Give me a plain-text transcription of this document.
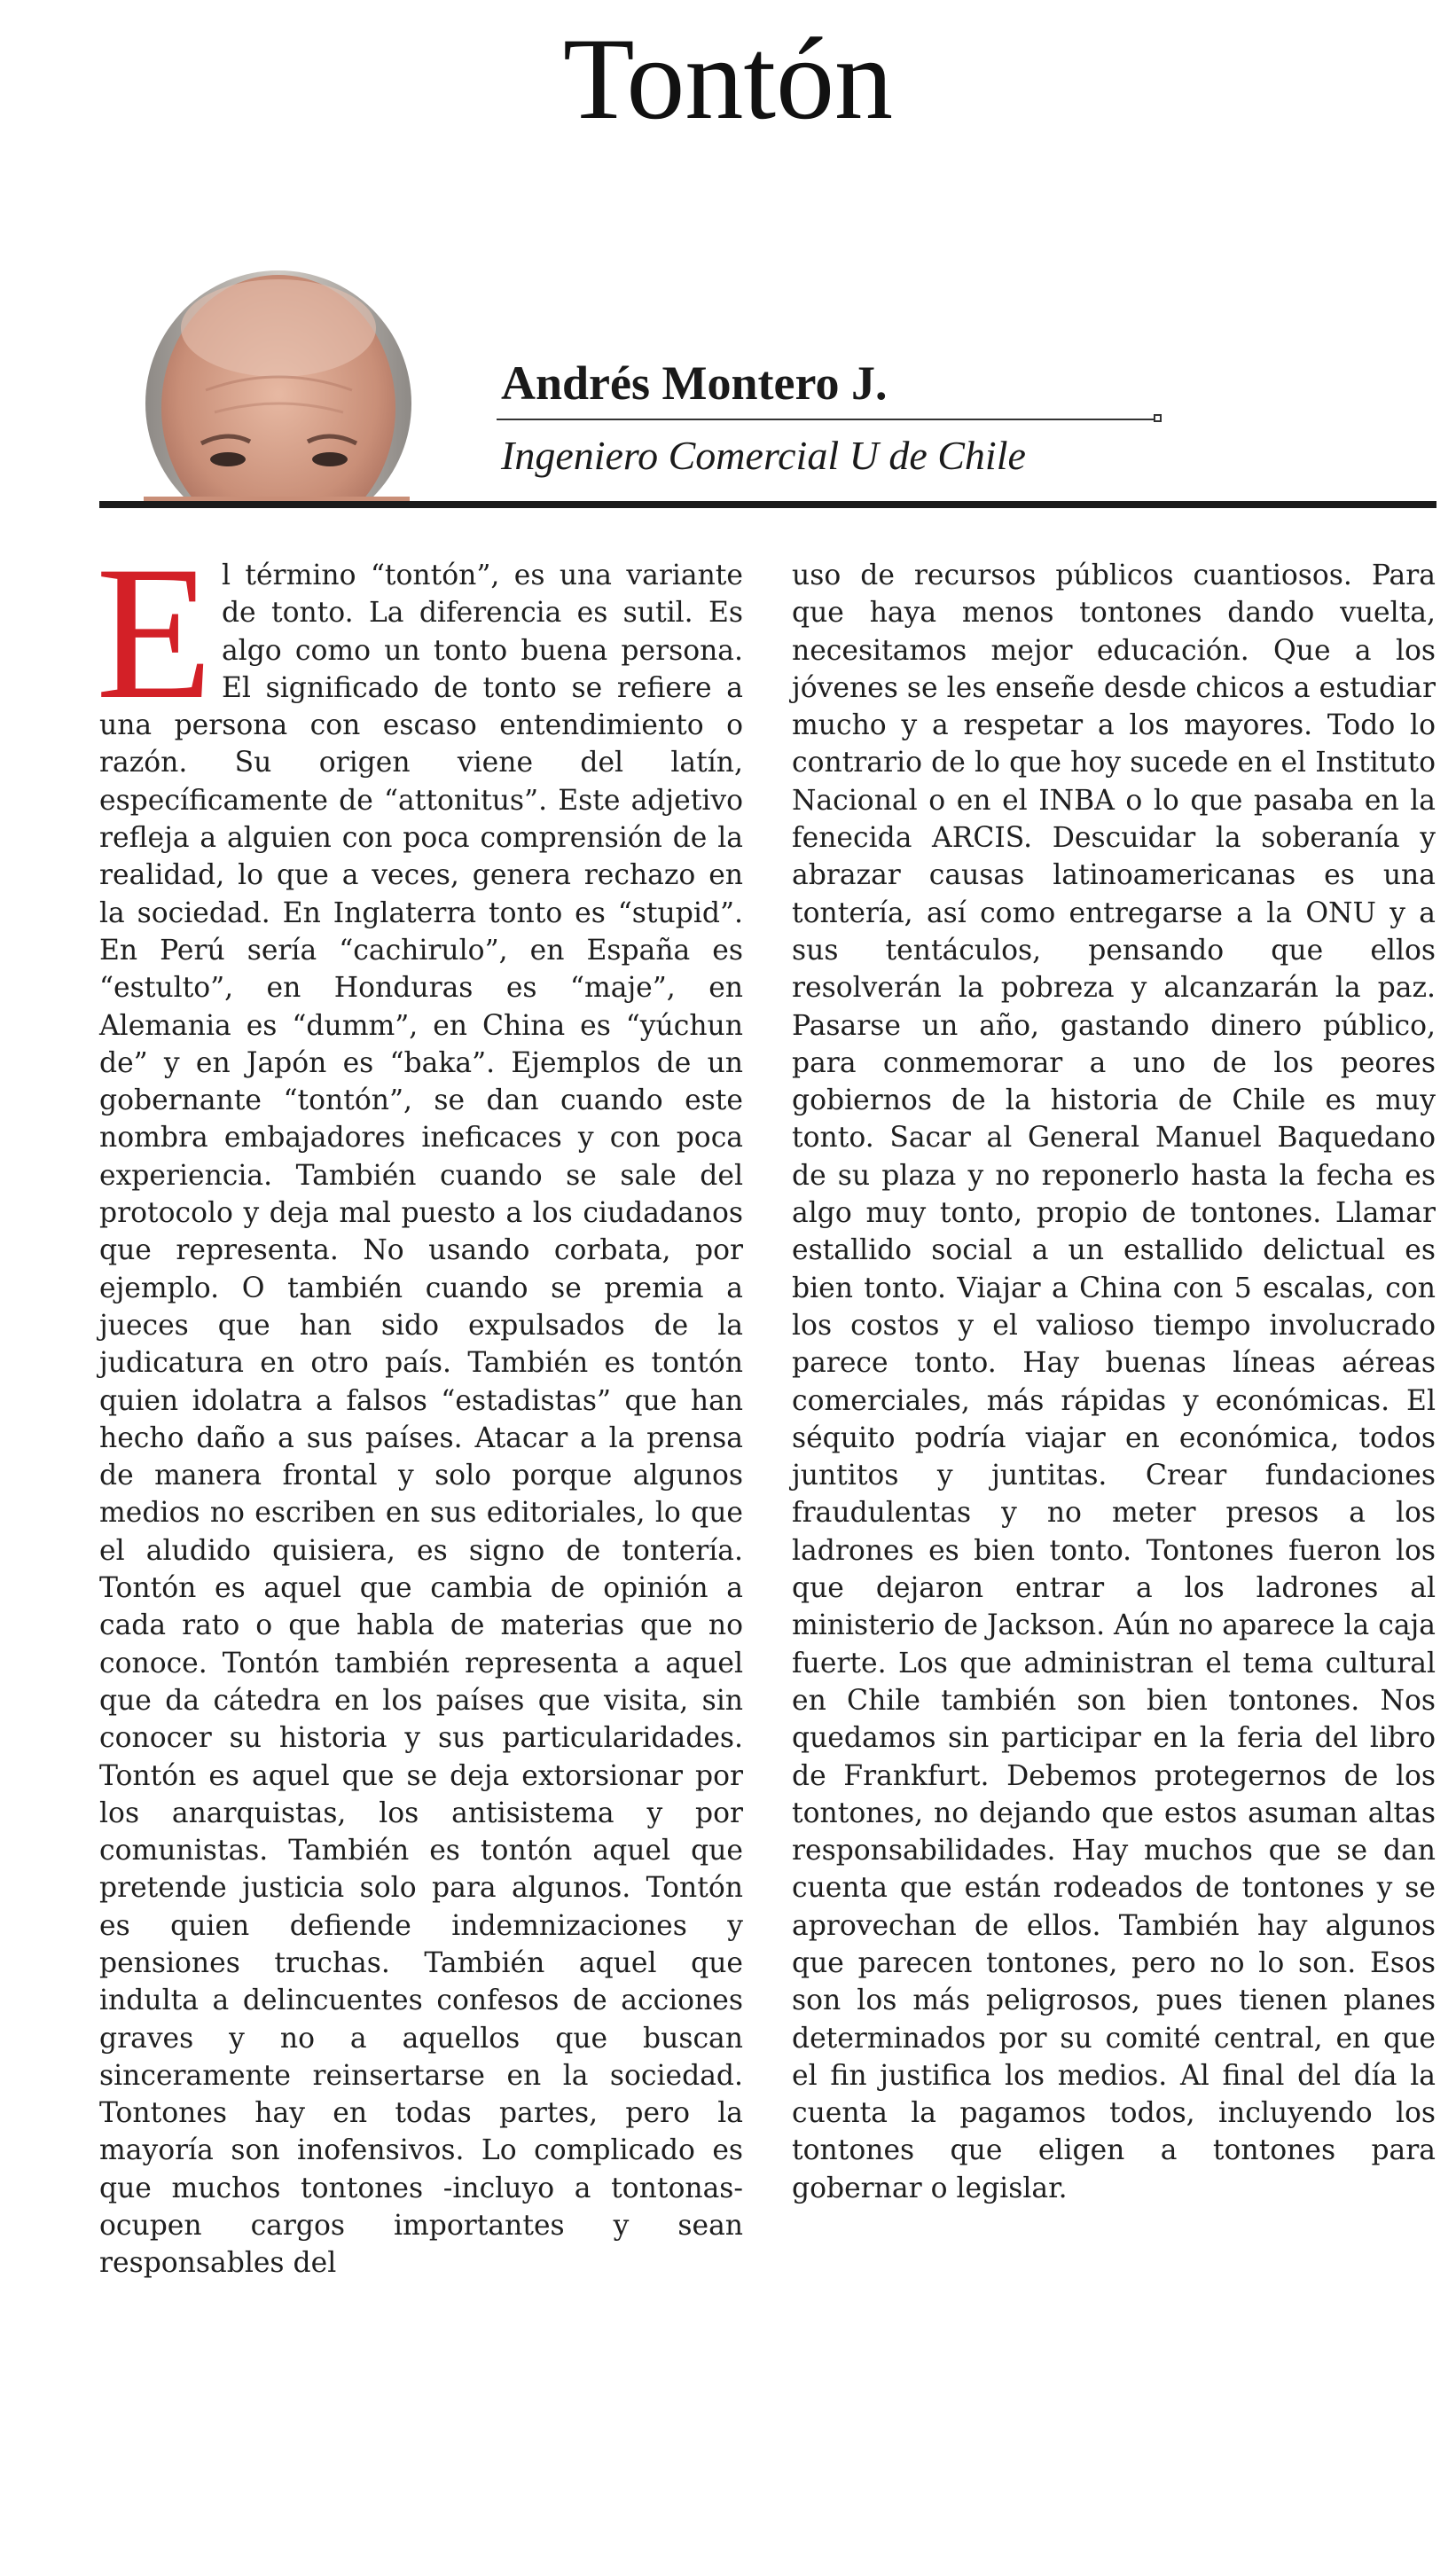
Tontón
Andrés Montero J.
Ingeniero Comercial U de Chile
El término “tontón”, es una variante de tonto. La diferencia es sutil. Es algo como un tonto buena persona. El significado de tonto se refiere a una persona con escaso entendimiento o razón. Su origen viene del latín, específicamente de “attonitus”. Este adjetivo refleja a alguien con poca comprensión de la realidad, lo que a veces, genera rechazo en la sociedad. En Inglaterra tonto es “stupid”. En Perú sería “cachirulo”, en España es “estulto”, en Honduras es “maje”, en Alemania es “dumm”, en China es “yúchun de” y en Japón es “baka”. Ejemplos de un gobernante “tontón”, se dan cuando este nombra embajadores ineficaces y con poca experiencia. También cuando se sale del protocolo y deja mal puesto a los ciudadanos que representa. No usando corbata, por ejemplo. O también cuando se premia a jueces que han sido expulsados de la judicatura en otro país. También es tontón quien idolatra a falsos “estadistas” que han hecho daño a sus países. Atacar a la prensa de manera frontal y solo porque algunos medios no escriben en sus editoriales, lo que el aludido quisiera, es signo de tontería. Tontón es aquel que cambia de opinión a cada rato o que habla de materias que no conoce. Tontón también representa a aquel que da cátedra en los países que visita, sin conocer su historia y sus particularidades. Tontón es aquel que se deja extorsionar por los anarquistas, los antisistema y por comunistas. También es tontón aquel que pretende justicia solo para algunos. Tontón es quien defiende indemnizaciones y pensiones truchas. También aquel que indulta a delincuentes confesos de acciones graves y no a aquellos que buscan sinceramente reinsertarse en la sociedad. Tontones hay en todas partes, pero la mayoría son inofensivos. Lo complicado es que muchos tontones -incluyo a tontonas- ocupen cargos importantes y sean responsables del
uso de recursos públicos cuantiosos. Para que haya menos tontones dando vuelta, necesitamos mejor educación. Que a los jóvenes se les enseñe desde chicos a estudiar mucho y a respetar a los mayores. Todo lo contrario de lo que hoy sucede en el Instituto Nacional o en el INBA o lo que pasaba en la fenecida ARCIS. Descuidar la soberanía y abrazar causas latinoamericanas es una tontería, así como entregarse a la ONU y a sus tentáculos, pensando que ellos resolverán la pobreza y alcanzarán la paz. Pasarse un año, gastando dinero público, para conmemorar a uno de los peores gobiernos de la historia de Chile es muy tonto. Sacar al General Manuel Baquedano de su plaza y no reponerlo hasta la fecha es algo muy tonto, propio de tontones. Llamar estallido social a un estallido delictual es bien tonto. Viajar a China con 5 escalas, con los costos y el valioso tiempo involucrado parece tonto. Hay buenas líneas aéreas comerciales, más rápidas y económicas. El séquito podría viajar en económica, todos juntitos y juntitas. Crear fundaciones fraudulentas y no meter presos a los ladrones es bien tonto. Tontones fueron los que dejaron entrar a los ladrones al ministerio de Jackson. Aún no aparece la caja fuerte. Los que administran el tema cultural en Chile también son bien tontones. Nos quedamos sin participar en la feria del libro de Frankfurt. Debemos protegernos de los tontones, no dejando que estos asuman altas responsabilidades. Hay muchos que se dan cuenta que están rodeados de tontones y se aprovechan de ellos. También hay algunos que parecen tontones, pero no lo son. Esos son los más peligrosos, pues tienen planes determinados por su comité central, en que el fin justifica los medios. Al final del día la cuenta la pagamos todos, incluyendo los tontones que eligen a tontones para gobernar o legislar.
